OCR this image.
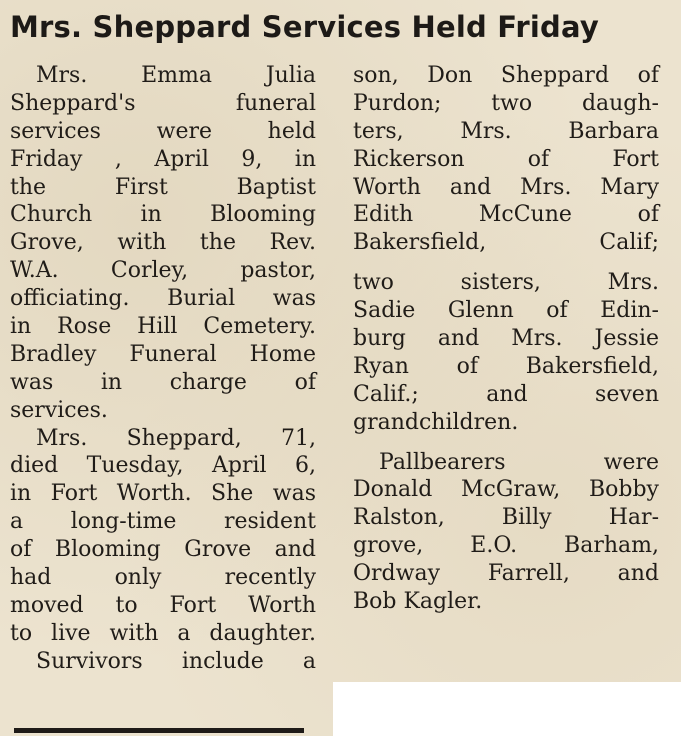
Mrs. Sheppard Services Held Friday
Mrs. Emma Julia
Sheppard's funeral
services were held
Friday , April 9, in
the First Baptist
Church in Blooming
Grove, with the Rev.
W.A. Corley, pastor,
officiating. Burial was
in Rose Hill Cemetery.
Bradley Funeral Home
was in charge of
services.
Mrs. Sheppard, 71,
died Tuesday, April 6,
in Fort Worth. She was
a long-time resident
of Blooming Grove and
had only recently
moved to Fort Worth
to live with a daughter.
Survivors include a
son, Don Sheppard of
Purdon; two daugh-
ters, Mrs. Barbara
Rickerson of Fort
Worth and Mrs. Mary
Edith McCune of
Bakersfield, Calif;
two sisters, Mrs.
Sadie Glenn of Edin-
burg and Mrs. Jessie
Ryan of Bakersfield,
Calif.; and seven
grandchildren.
Pallbearers were
Donald McGraw, Bobby
Ralston, Billy Har-
grove, E.O. Barham,
Ordway Farrell, and
Bob Kagler.
